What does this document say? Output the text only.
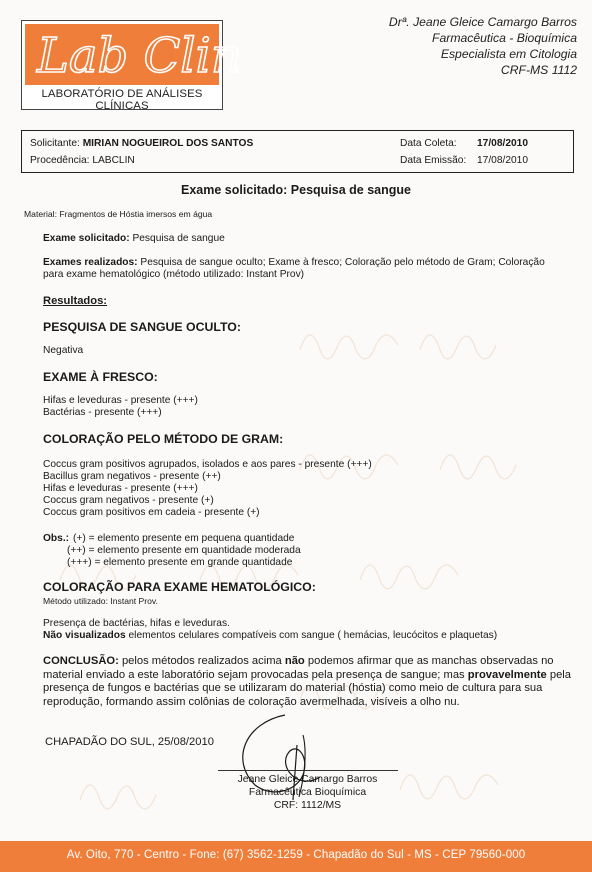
Lab Clin
LABORATÓRIO DE ANÁLISES CLÍNICAS
Drª. Jeane Gleice Camargo Barros
Farmacêutica - Bioquímica
Especialista em Citologia
CRF-MS 1112
Solicitante: MIRIAN NOGUEIROL DOS SANTOS
Procedência: LABCLIN
Data Coleta: 17/08/2010
Data Emissão: 17/08/2010
Exame solicitado: Pesquisa de sangue
Material: Fragmentos de Hóstia imersos em água
Exame solicitado: Pesquisa de sangue
Exames realizados: Pesquisa de sangue oculto; Exame à fresco; Coloração pelo método de Gram; Coloração
para exame hematológico (método utilizado: Instant Prov)
Resultados:
PESQUISA DE SANGUE OCULTO:
Negativa
EXAME À FRESCO:
Hifas e leveduras - presente (+++)
Bactérias - presente (+++)
COLORAÇÃO PELO MÉTODO DE GRAM:
Coccus gram positivos agrupados, isolados e aos pares - presente (+++)
Bacillus gram negativos - presente (++)
Hifas e leveduras - presente (+++)
Coccus gram negativos - presente (+)
Coccus gram positivos em cadeia - presente (+)
Obs.: (+) = elemento presente em pequena quantidade
(++) = elemento presente em quantidade moderada
(+++) = elemento presente em grande quantidade
COLORAÇÃO PARA EXAME HEMATOLÓGICO:
Método utilizado: Instant Prov.
Presença de bactérias, hifas e leveduras.
Não visualizados elementos celulares compatíveis com sangue ( hemácias, leucócitos e plaquetas)
CONCLUSÃO: pelos métodos realizados acima não podemos afirmar que as manchas observadas no material enviado a este laboratório sejam provocadas pela presença de sangue; mas provavelmente pela presença de fungos e bactérias que se utilizaram do material (hóstia) como meio de cultura para sua reprodução, formando assim colônias de coloração avermelhada, visíveis a olho nu.
CHAPADÃO DO SUL, 25/08/2010
Jeane Gleice Camargo Barros
Farmacêutica Bioquímica
CRF: 1112/MS
Av. Oito, 770 - Centro - Fone: (67) 3562-1259 - Chapadão do Sul - MS - CEP 79560-000
